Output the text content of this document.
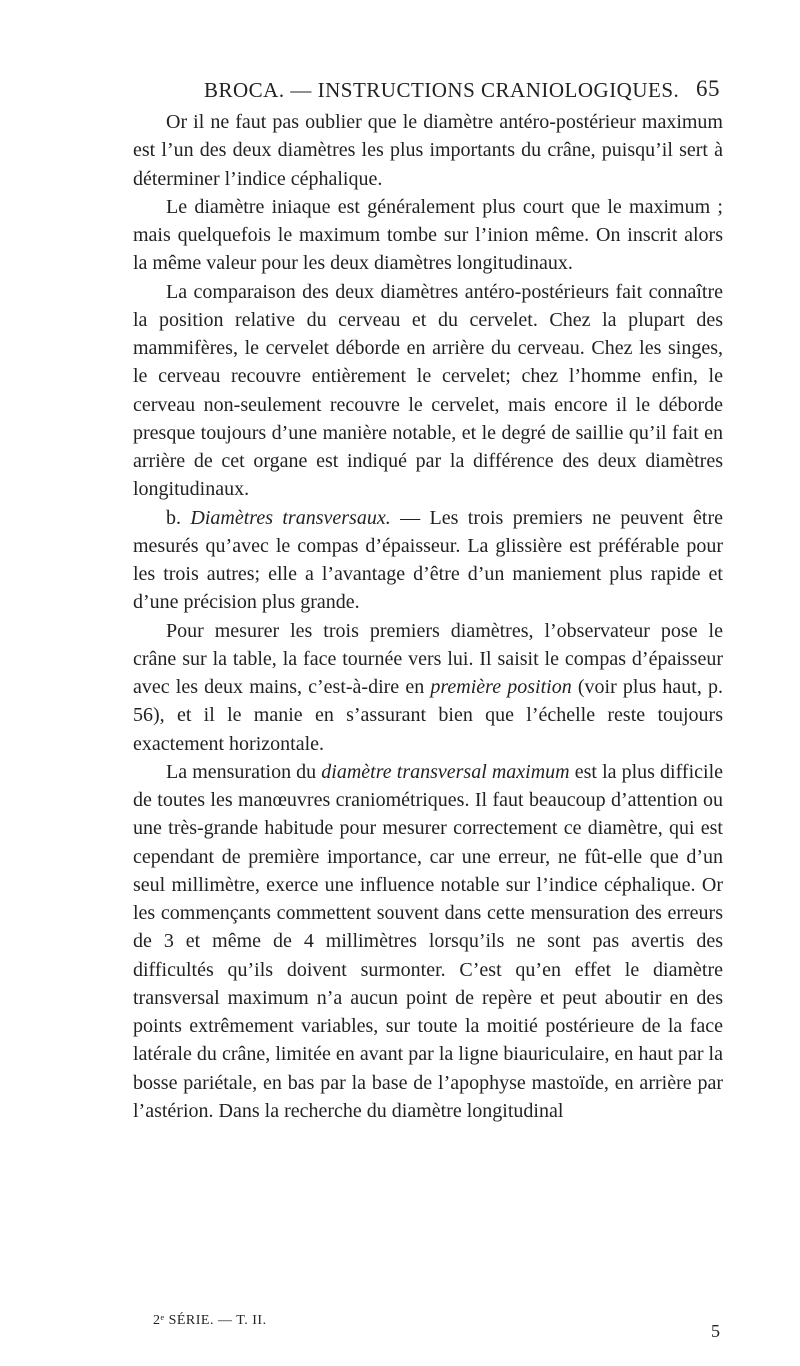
BROCA. — INSTRUCTIONS CRANIOLOGIQUES. 65

Or il ne faut pas oublier que le diamètre antéro-postérieur maximum est l’un des deux diamètres les plus importants du crâne, puisqu’il sert à déterminer l’indice céphalique.

Le diamètre iniaque est généralement plus court que le maximum ; mais quelquefois le maximum tombe sur l’inion même. On inscrit alors la même valeur pour les deux diamètres longitudinaux.

La comparaison des deux diamètres antéro-postérieurs fait connaître la position relative du cerveau et du cervelet. Chez la plupart des mammifères, le cervelet déborde en arrière du cerveau. Chez les singes, le cerveau recouvre entièrement le cervelet; chez l’homme enfin, le cerveau non-seulement recouvre le cervelet, mais encore il le déborde presque toujours d’une manière notable, et le degré de saillie qu’il fait en arrière de cet organe est indiqué par la différence des deux diamètres longitudinaux.

b. Diamètres transversaux. — Les trois premiers ne peuvent être mesurés qu’avec le compas d’épaisseur. La glissière est préférable pour les trois autres; elle a l’avantage d’être d’un maniement plus rapide et d’une précision plus grande.

Pour mesurer les trois premiers diamètres, l’observateur pose le crâne sur la table, la face tournée vers lui. Il saisit le compas d’épaisseur avec les deux mains, c’est-à-dire en première position (voir plus haut, p. 56), et il le manie en s’assurant bien que l’échelle reste toujours exactement horizontale.

La mensuration du diamètre transversal maximum est la plus difficile de toutes les manœuvres craniométriques. Il faut beaucoup d’attention ou une très-grande habitude pour mesurer correctement ce diamètre, qui est cependant de première importance, car une erreur, ne fût-elle que d’un seul millimètre, exerce une influence notable sur l’indice céphalique. Or les commençants commettent souvent dans cette mensuration des erreurs de 3 et même de 4 millimètres lorsqu’ils ne sont pas avertis des difficultés qu’ils doivent surmonter. C’est qu’en effet le diamètre transversal maximum n’a aucun point de repère et peut aboutir en des points extrêmement variables, sur toute la moitié postérieure de la face latérale du crâne, limitée en avant par la ligne biauriculaire, en haut par la bosse pariétale, en bas par la base de l’apophyse mastoïde, en arrière par l’astérion. Dans la recherche du diamètre longitudinal

2ᵉ SÉRIE. — T. II.
5
